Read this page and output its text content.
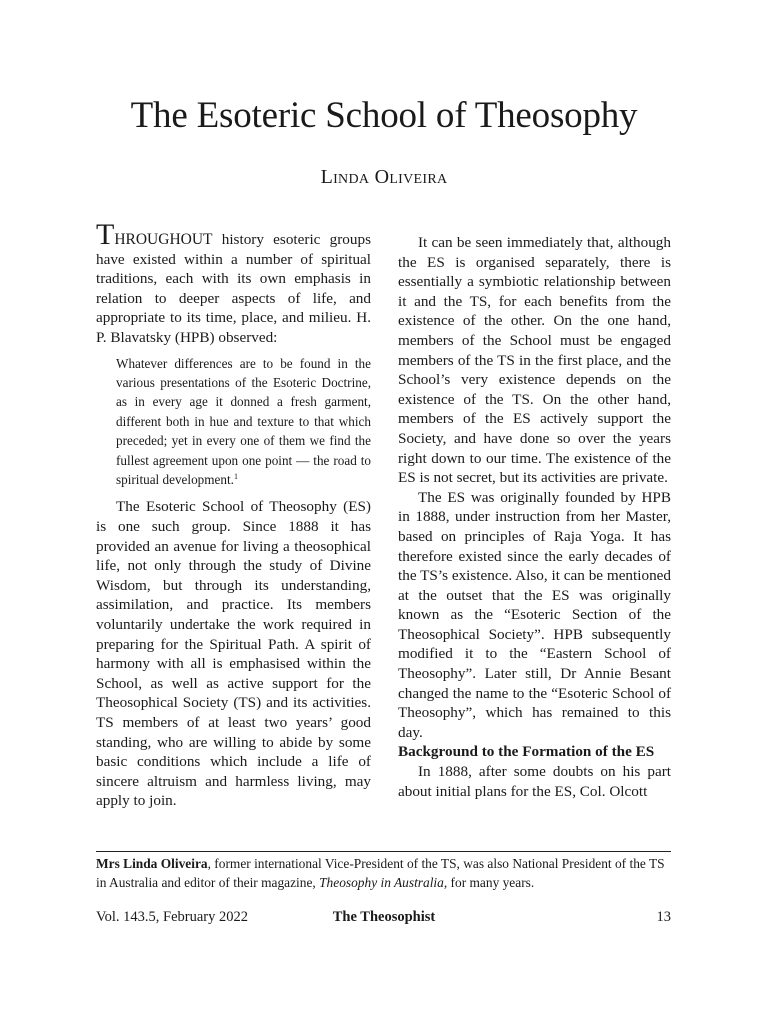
The Esoteric School of Theosophy
Linda Oliveira

THROUGHOUT history esoteric groups have existed within a number of spiritual traditions, each with its own emphasis in relation to deeper aspects of life, and appropriate to its time, place, and milieu. H. P. Blavatsky (HPB) observed:

Whatever differences are to be found in the various presentations of the Esoteric Doctrine, as in every age it donned a fresh garment, different both in hue and texture to that which preceded; yet in every one of them we find the fullest agreement upon one point — the road to spiritual development.$^1$

The Esoteric School of Theosophy (ES) is one such group. Since 1888 it has provided an avenue for living a theosophical life, not only through the study of Divine Wisdom, but through its understanding, assimilation, and practice. Its members voluntarily undertake the work required in preparing for the Spiritual Path. A spirit of harmony with all is emphasised within the School, as well as active support for the Theosophical Society (TS) and its activities. TS members of at least two years’ good standing, who are willing to abide by some basic conditions which include a life of sincere altruism and harmless living, may apply to join.

It can be seen immediately that, although the ES is organised separately, there is essentially a symbiotic relationship between it and the TS, for each benefits from the existence of the other. On the one hand, members of the School must be engaged members of the TS in the first place, and the School’s very existence depends on the existence of the TS. On the other hand, members of the ES actively support the Society, and have done so over the years right down to our time. The existence of the ES is not secret, but its activities are private.

The ES was originally founded by HPB in 1888, under instruction from her Master, based on principles of Raja Yoga. It has therefore existed since the early decades of the TS’s existence. Also, it can be mentioned at the outset that the ES was originally known as the “Esoteric Section of the Theosophical Society”. HPB subsequently modified it to the “Eastern School of Theosophy”. Later still, Dr Annie Besant changed the name to the “Esoteric School of Theosophy”, which has remained to this day.

Background to the Formation of the ES

In 1888, after some doubts on his part about initial plans for the ES, Col. Olcott

Mrs Linda Oliveira, former international Vice-President of the TS, was also National President of the TS in Australia and editor of their magazine, Theosophy in Australia, for many years.
Vol. 143.5, February 2022	The Theosophist	13
